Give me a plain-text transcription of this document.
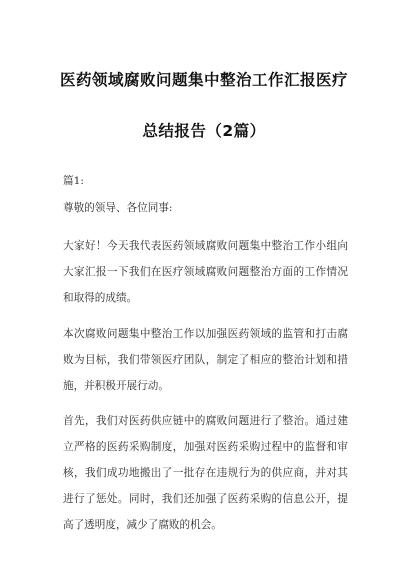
医药领域腐败问题集中整治工作汇报医疗
总结报告（2篇）

篇1:

尊敬的领导、各位同事:

大家好！今天我代表医药领域腐败问题集中整治工作小组向大家汇报一下我们在医疗领域腐败问题整治方面的工作情况和取得的成绩。

本次腐败问题集中整治工作以加强医药领域的监管和打击腐败为目标，我们带领医疗团队，制定了相应的整治计划和措施，并积极开展行动。

首先，我们对医药供应链中的腐败问题进行了整治。通过建立严格的医药采购制度，加强对医药采购过程中的监督和审核，我们成功地搬出了一批存在违规行为的供应商，并对其进行了惩处。同时，我们还加强了医药采购的信息公开，提高了透明度，减少了腐败的机会。
